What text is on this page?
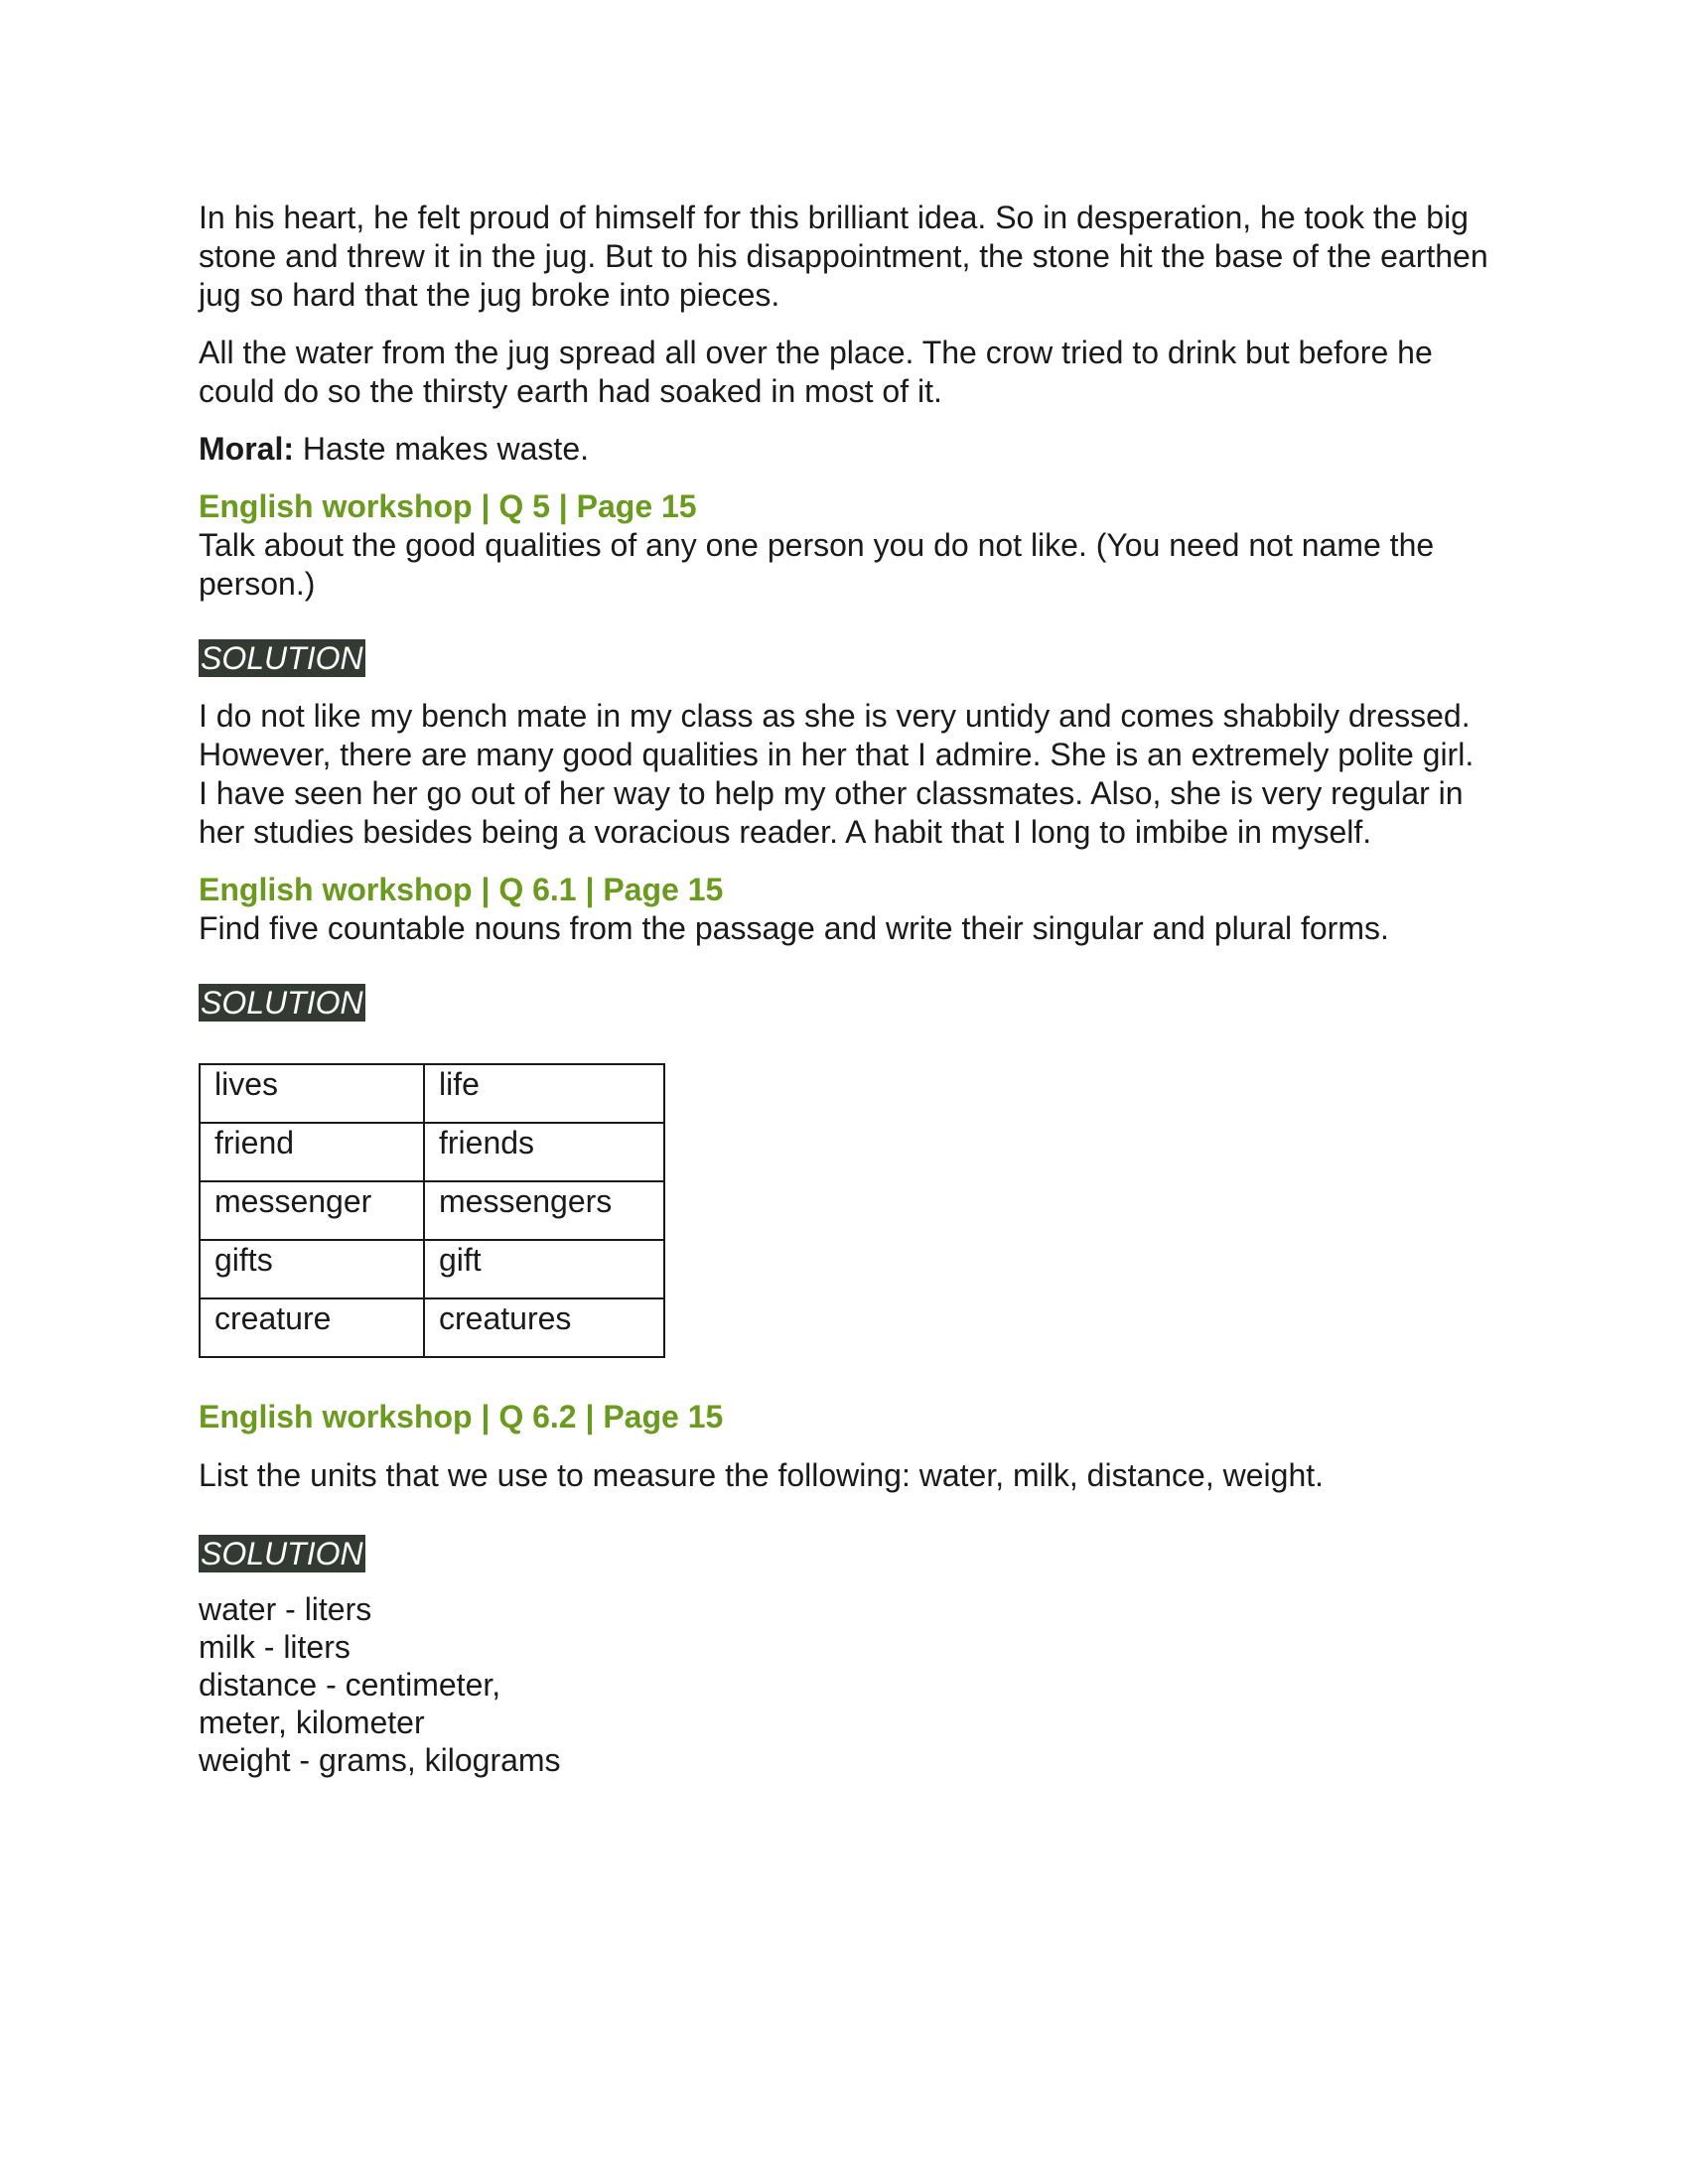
In his heart, he felt proud of himself for this brilliant idea. So in desperation, he took the big stone and threw it in the jug. But to his disappointment, the stone hit the base of the earthen jug so hard that the jug broke into pieces.

All the water from the jug spread all over the place. The crow tried to drink but before he could do so the thirsty earth had soaked in most of it.

Moral: Haste makes waste.

English workshop | Q 5 | Page 15

Talk about the good qualities of any one person you do not like. (You need not name the person.)

SOLUTION

I do not like my bench mate in my class as she is very untidy and comes shabbily dressed. However, there are many good qualities in her that I admire. She is an extremely polite girl. I have seen her go out of her way to help my other classmates. Also, she is very regular in her studies besides being a voracious reader. A habit that I long to imbibe in myself.

English workshop | Q 6.1 | Page 15

Find five countable nouns from the passage and write their singular and plural forms.

SOLUTION
lives	life
friend	friends
messenger	messengers
gifts	gift
creature	creatures

English workshop | Q 6.2 | Page 15

List the units that we use to measure the following: water, milk, distance, weight.

SOLUTION

water - liters

milk - liters

distance - centimeter,

meter, kilometer

weight - grams, kilograms
